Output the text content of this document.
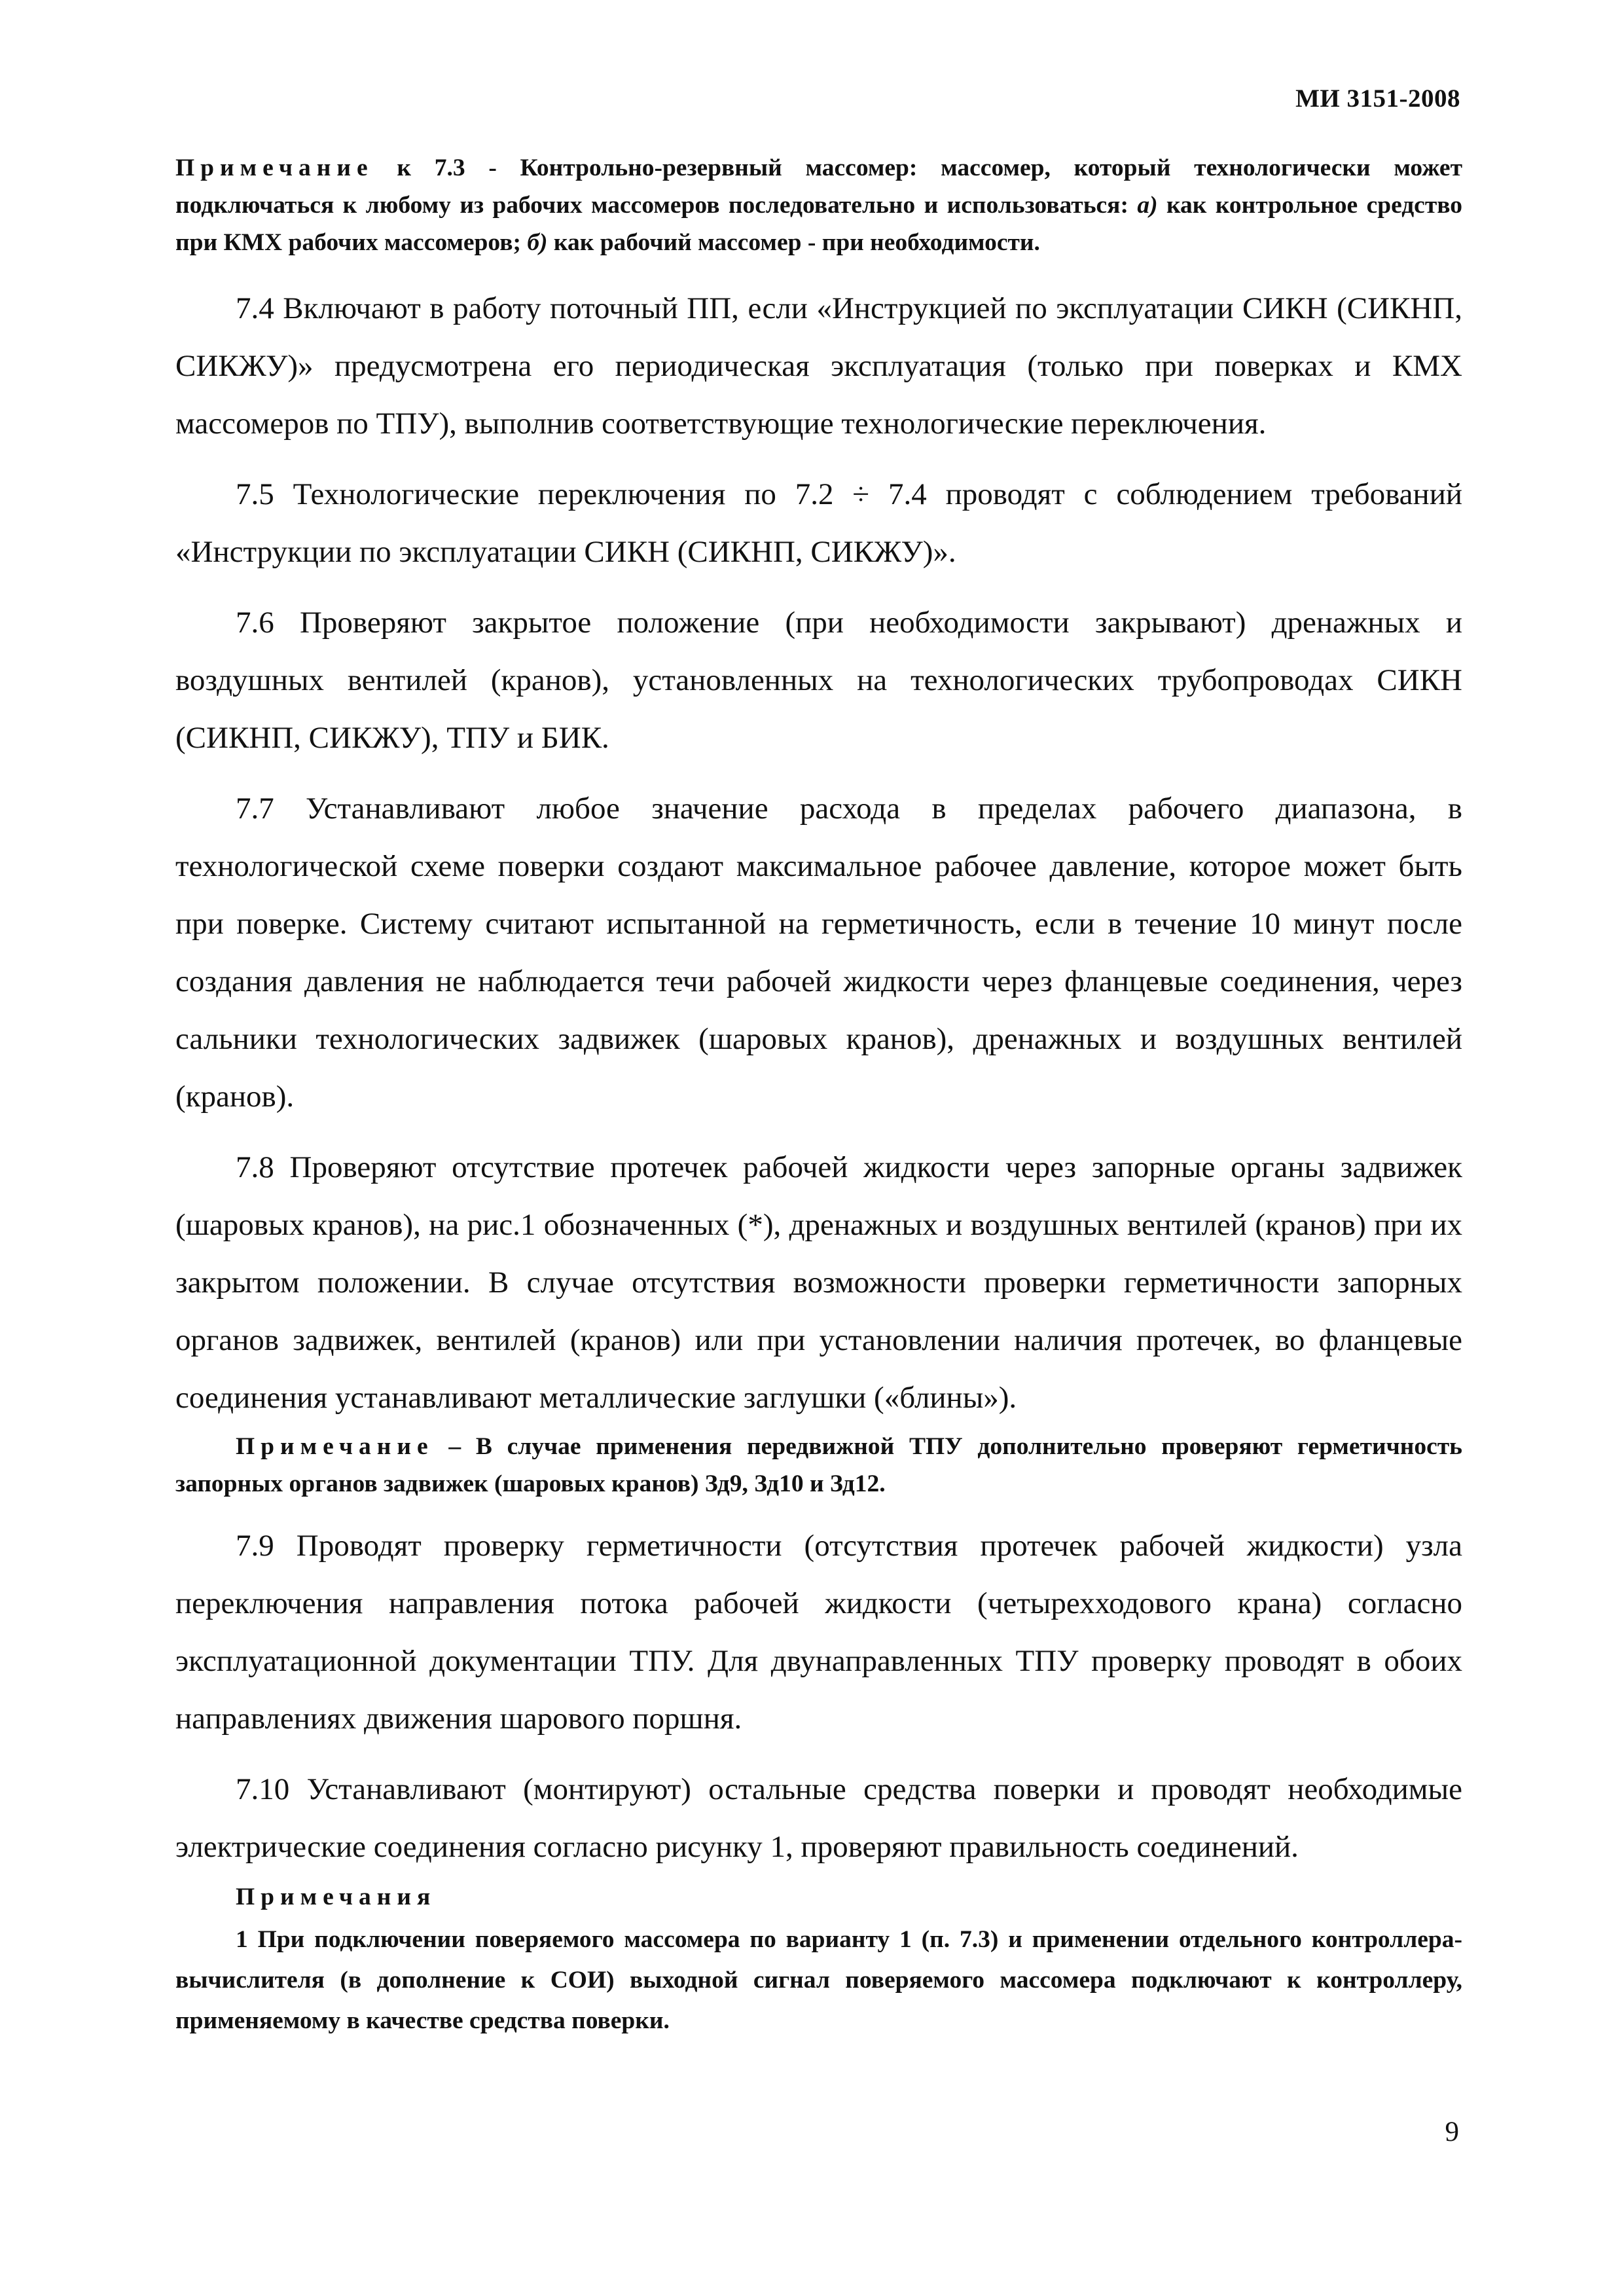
МИ 3151-2008

Примечание к 7.3 - Контрольно-резервный массомер: массомер, который технологически может подключаться к любому из рабочих массомеров последовательно и использоваться: а) как контрольное средство при КМХ рабочих массомеров; б) как рабочий массомер - при необходимости.

7.4 Включают в работу поточный ПП, если «Инструкцией по эксплуатации СИКН (СИКНП, СИКЖУ)» предусмотрена его периодическая эксплуатация (только при поверках и КМХ массомеров по ТПУ), выполнив соответствующие технологические переключения.

7.5 Технологические переключения по 7.2 ÷ 7.4 проводят с соблюдением требований «Инструкции по эксплуатации СИКН (СИКНП, СИКЖУ)».

7.6 Проверяют закрытое положение (при необходимости закрывают) дренажных и воздушных вентилей (кранов), установленных на технологических трубопроводах СИКН (СИКНП, СИКЖУ), ТПУ и БИК.

7.7 Устанавливают любое значение расхода в пределах рабочего диапазона, в технологической схеме поверки создают максимальное рабочее давление, которое может быть при поверке. Систему считают испытанной на герметичность, если в течение 10 минут после создания давления не наблюдается течи рабочей жидкости через фланцевые соединения, через сальники технологических задвижек (шаровых кранов), дренажных и воздушных вентилей (кранов).

7.8 Проверяют отсутствие протечек рабочей жидкости через запорные органы задвижек (шаровых кранов), на рис.1 обозначенных (*), дренажных и воздушных вентилей (кранов) при их закрытом положении. В случае отсутствия возможности проверки герметичности запорных органов задвижек, вентилей (кранов) или при установлении наличия протечек, во фланцевые соединения устанавливают металлические заглушки («блины»).

Примечание – В случае применения передвижной ТПУ дополнительно проверяют герметичность запорных органов задвижек (шаровых кранов) Зд9, Зд10 и Зд12.

7.9 Проводят проверку герметичности (отсутствия протечек рабочей жидкости) узла переключения направления потока рабочей жидкости (четырехходового крана) согласно эксплуатационной документации ТПУ. Для двунаправленных ТПУ проверку проводят в обоих направлениях движения шарового поршня.

7.10 Устанавливают (монтируют) остальные средства поверки и проводят необходимые электрические соединения согласно рисунку 1, проверяют правильность соединений.

Примечания

1 При подключении поверяемого массомера по варианту 1 (п. 7.3) и применении отдельного контроллера-вычислителя (в дополнение к СОИ) выходной сигнал поверяемого массомера подключают к контроллеру, применяемому в качестве средства поверки.

9
